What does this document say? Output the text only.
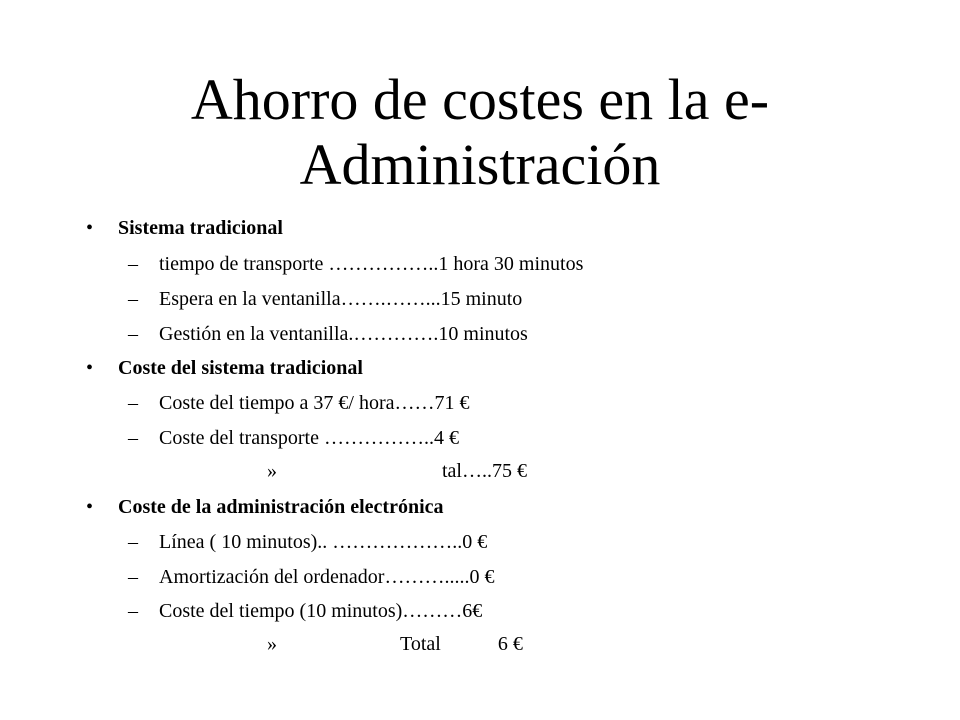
Ahorro de costes en la e-
Administración
• Sistema tradicional
– tiempo de transporte ……………..1 hora 30 minutos
– Espera en la ventanilla…….……...15 minuto
– Gestión en la ventanilla.………….10 minutos
• Coste del sistema tradicional
– Coste del tiempo a 37 €/ hora……71 €
– Coste del transporte ……………..4 €
»	tal…..75 €
• Coste de la administración electrónica
– Línea ( 10 minutos).. ………………..0 €
– Amortización del ordenador……….....0 €
– Coste del tiempo (10 minutos)………6€
»	Total	6 €
